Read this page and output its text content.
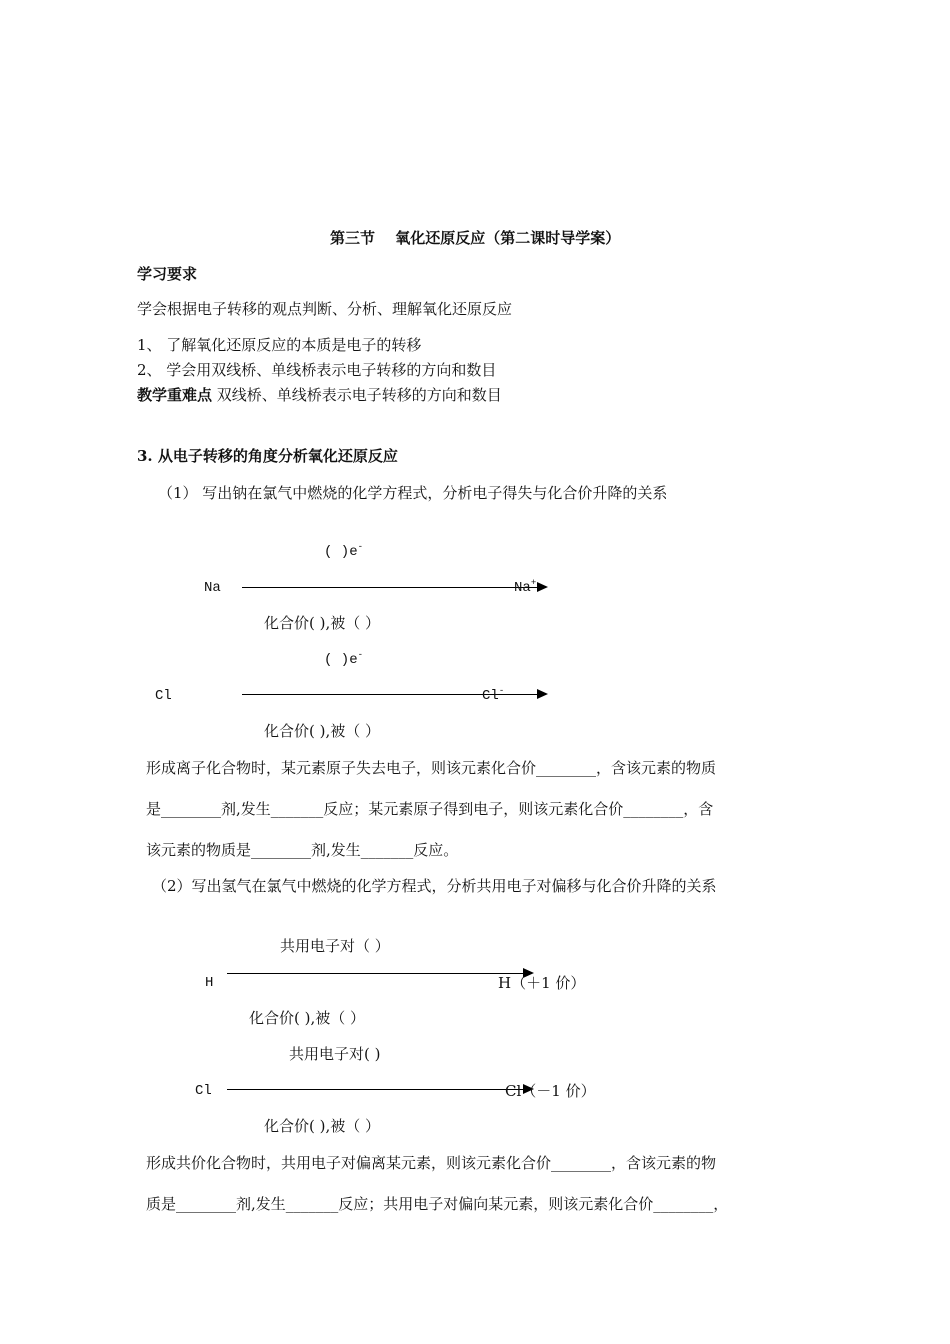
第三节　 氧化还原反应（第二课时导学案）
学习要求
学会根据电子转移的观点判断、分析、理解氧化还原反应
1、 了解氧化还原反应的本质是电子的转移
2、 学会用双线桥、单线桥表示电子转移的方向和数目
教学重难点 双线桥、单线桥表示电子转移的方向和数目
3. 从电子转移的角度分析氧化还原反应
（1） 写出钠在氯气中燃烧的化学方程式，分析电子得失与化合价升降的关系
( )e-
Na	Na+
化合价( ),被（ ）
( )e-
Cl	Cl-
化合价( ),被（ ）
形成离子化合物时，某元素原子失去电子，则该元素化合价________，含该元素的物质
是________剂,发生_______反应；某元素原子得到电子，则该元素化合价________，含
该元素的物质是________剂,发生_______反应。
（2）写出氢气在氯气中燃烧的化学方程式，分析共用电子对偏移与化合价升降的关系
共用电子对（ ）
H	H（＋1 价）
化合价( ),被（ ）
共用电子对( )
Cl	Cl（－1 价）
化合价( ),被（ ）
形成共价化合物时，共用电子对偏离某元素，则该元素化合价________，含该元素的物
质是________剂,发生_______反应；共用电子对偏向某元素，则该元素化合价________，
